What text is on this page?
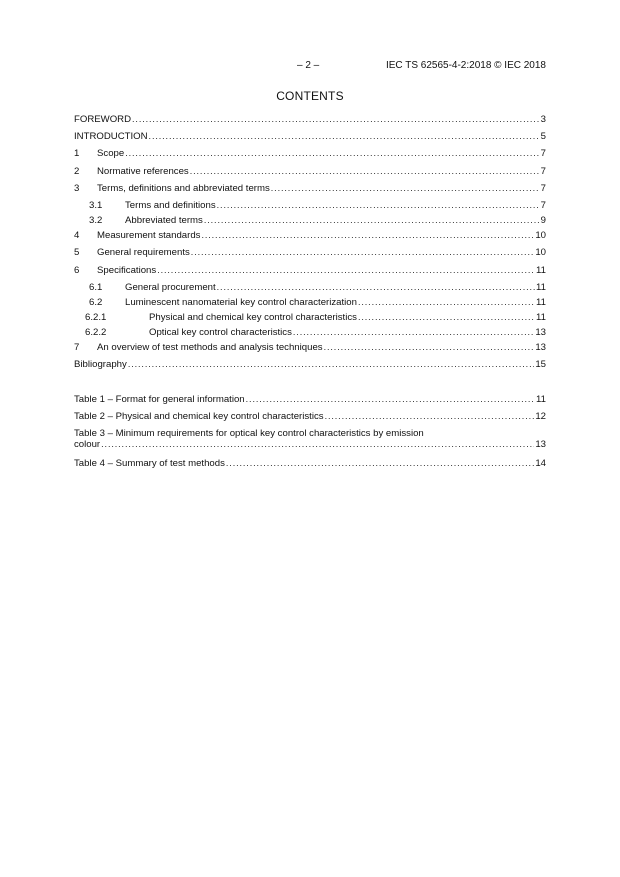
– 2 –	IEC TS 62565-4-2:2018 © IEC 2018
CONTENTS
FOREWORD .....	3
INTRODUCTION .....	5
1	Scope .....	7
2	Normative references .....	7
3	Terms, definitions and abbreviated terms .....	7
3.1	Terms and definitions .....	7
3.2	Abbreviated terms .....	9
4	Measurement standards .....	10
5	General requirements .....	10
6	Specifications .....	11
6.1	General procurement .....	11
6.2	Luminescent nanomaterial key control characterization .....	11
6.2.1	Physical and chemical key control characteristics .....	11
6.2.2	Optical key control characteristics .....	13
7	An overview of test methods and analysis techniques .....	13
Bibliography .....	15
Table 1 – Format for general information .....	11
Table 2 – Physical and chemical key control characteristics .....	12
Table 3 – Minimum requirements for optical key control characteristics by emission
colour .....	13
Table 4 – Summary of test methods .....	14
